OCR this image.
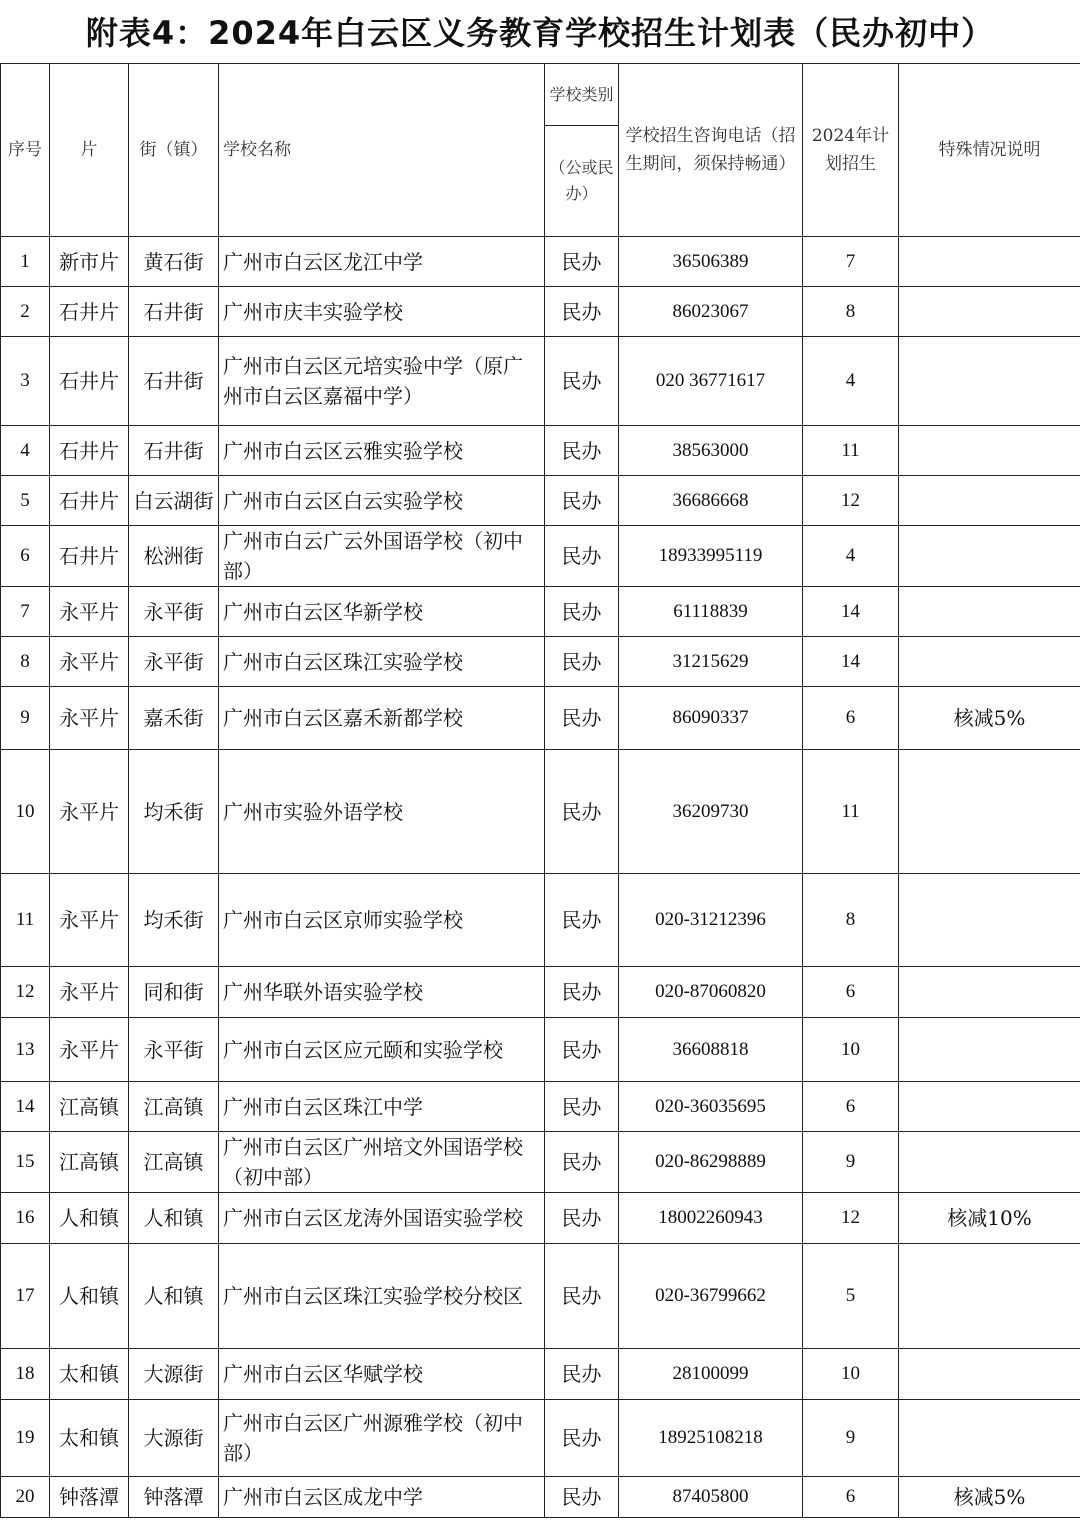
附表4：2024年白云区义务教育学校招生计划表（民办初中）
序号	片	街（镇）	学校名称	学校类别	学校招生咨询电话（招生期间，须保持畅通）	2024年计划招生	特殊情况说明
				（公或民办）			
1	新市片	黄石街	广州市白云区龙江中学	民办	36506389	7	
2	石井片	石井街	广州市庆丰实验学校	民办	86023067	8	
3	石井片	石井街	广州市白云区元培实验中学（原广州市白云区嘉福中学）	民办	020 36771617	4	
4	石井片	石井街	广州市白云区云雅实验学校	民办	38563000	11	
5	石井片	白云湖街	广州市白云区白云实验学校	民办	36686668	12	
6	石井片	松洲街	广州市白云广云外国语学校（初中部）	民办	18933995119	4	
7	永平片	永平街	广州市白云区华新学校	民办	61118839	14	
8	永平片	永平街	广州市白云区珠江实验学校	民办	31215629	14	
9	永平片	嘉禾街	广州市白云区嘉禾新都学校	民办	86090337	6	核减5%
10	永平片	均禾街	广州市实验外语学校	民办	36209730	11	
11	永平片	均禾街	广州市白云区京师实验学校	民办	020-31212396	8	
12	永平片	同和街	广州华联外语实验学校	民办	020-87060820	6	
13	永平片	永平街	广州市白云区应元颐和实验学校	民办	36608818	10	
14	江高镇	江高镇	广州市白云区珠江中学	民办	020-36035695	6	
15	江高镇	江高镇	广州市白云区广州培文外国语学校（初中部）	民办	020-86298889	9	
16	人和镇	人和镇	广州市白云区龙涛外国语实验学校	民办	18002260943	12	核减10%
17	人和镇	人和镇	广州市白云区珠江实验学校分校区	民办	020-36799662	5	
18	太和镇	大源街	广州市白云区华赋学校	民办	28100099	10	
19	太和镇	大源街	广州市白云区广州源雅学校（初中部）	民办	18925108218	9	
20	钟落潭	钟落潭	广州市白云区成龙中学	民办	87405800	6	核减5%
